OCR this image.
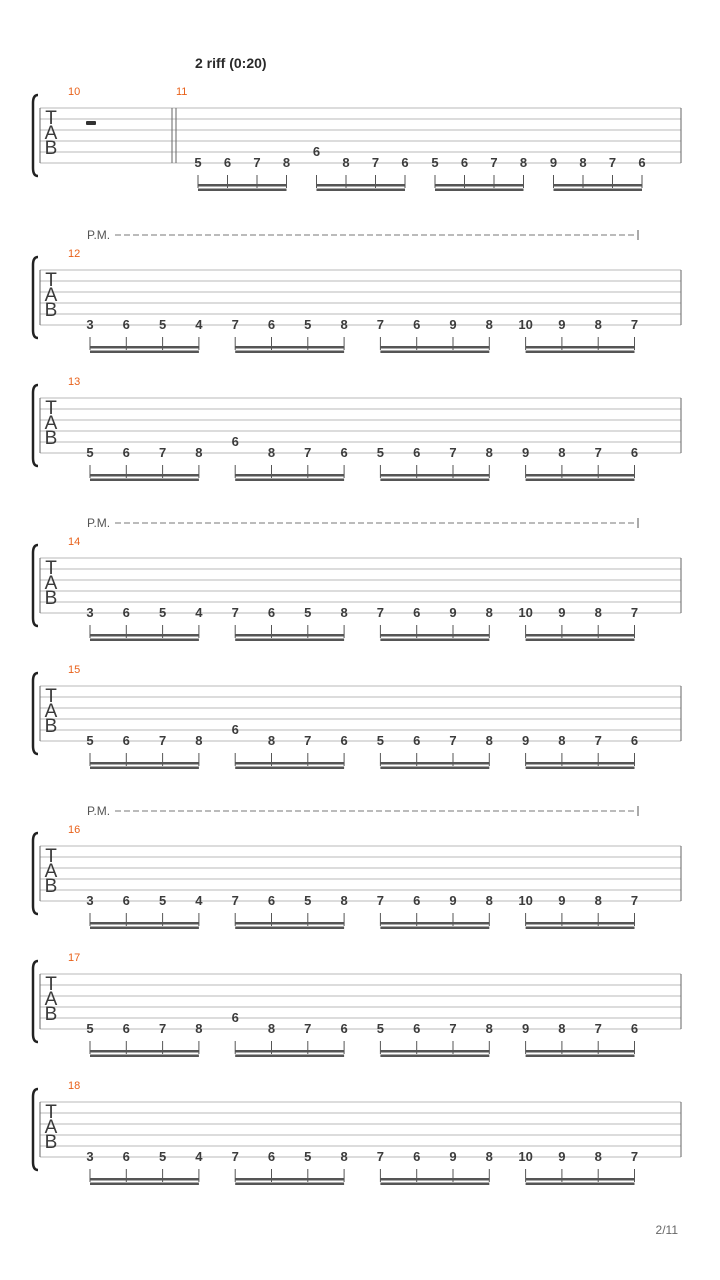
2 riff (0:20)
T
A
B
10	11
5 6 7 8
6
8 7 6 5 6 7 8 9 8 7 6
T
A
B
P.M.
12
3 6 5 4 7 6 5 8 7 6 9 8 10 9 8 7
T
A
B
13
5 6 7 8
6
8 7 6 5 6 7 8 9 8 7 6
T
A
B
P.M.
14
3 6 5 4 7 6 5 8 7 6 9 8 10 9 8 7
T
A
B
15
5 6 7 8
6
8 7 6 5 6 7 8 9 8 7 6
T
A
B
P.M.
16
3 6 5 4 7 6 5 8 7 6 9 8 10 9 8 7
T
A
B
17
5 6 7 8
6
8 7 6 5 6 7 8 9 8 7 6
T
A
B
18
3 6 5 4 7 6 5 8 7 6 9 8 10 9 8 7
2/11
